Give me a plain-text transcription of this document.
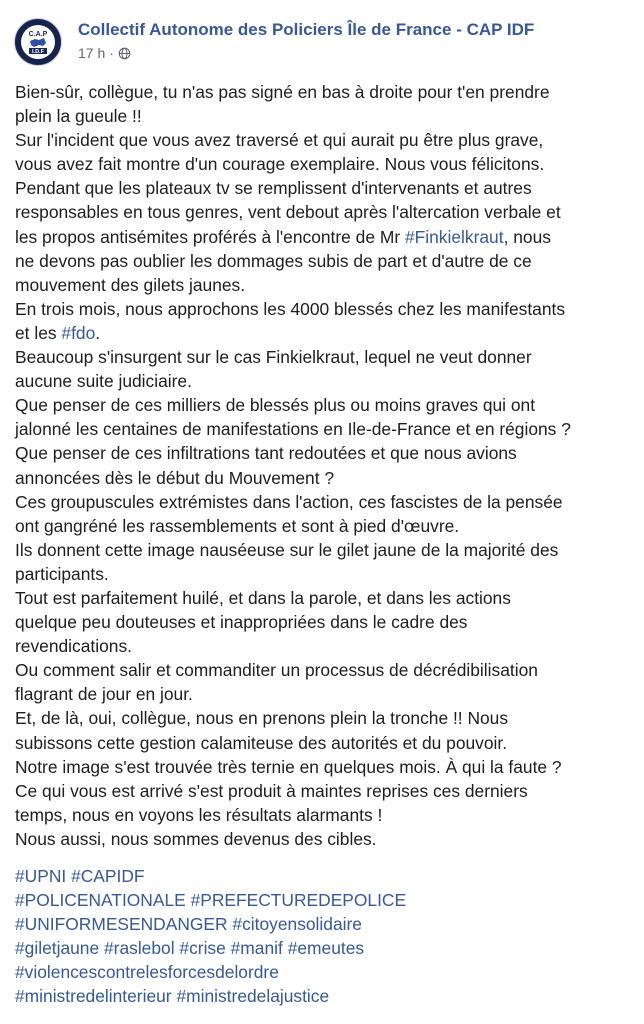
C.A.P
I.D.F
Collectif Autonome des Policiers Île de France - CAP IDF
17 h ·
Bien-sûr, collègue, tu n'as pas signé en bas à droite pour t'en prendre
plein la gueule !!
Sur l'incident que vous avez traversé et qui aurait pu être plus grave,
vous avez fait montre d'un courage exemplaire. Nous vous félicitons.
Pendant que les plateaux tv se remplissent d'intervenants et autres
responsables en tous genres, vent debout après l'altercation verbale et
les propos antisémites proférés à l'encontre de Mr #Finkielkraut, nous
ne devons pas oublier les dommages subis de part et d'autre de ce
mouvement des gilets jaunes.
En trois mois, nous approchons les 4000 blessés chez les manifestants
et les #fdo.
Beaucoup s'insurgent sur le cas Finkielkraut, lequel ne veut donner
aucune suite judiciaire.
Que penser de ces milliers de blessés plus ou moins graves qui ont
jalonné les centaines de manifestations en Ile-de-France et en régions ?
Que penser de ces infiltrations tant redoutées et que nous avions
annoncées dès le début du Mouvement ?
Ces groupuscules extrémistes dans l'action, ces fascistes de la pensée
ont gangréné les rassemblements et sont à pied d'œuvre.
Ils donnent cette image nauséeuse sur le gilet jaune de la majorité des
participants.
Tout est parfaitement huilé, et dans la parole, et dans les actions
quelque peu douteuses et inappropriées dans le cadre des
revendications.
Ou comment salir et commanditer un processus de décrédibilisation
flagrant de jour en jour.
Et, de là, oui, collègue, nous en prenons plein la tronche !! Nous
subissons cette gestion calamiteuse des autorités et du pouvoir.
Notre image s'est trouvée très ternie en quelques mois. À qui la faute ?
Ce qui vous est arrivé s'est produit à maintes reprises ces derniers
temps, nous en voyons les résultats alarmants !
Nous aussi, nous sommes devenus des cibles.
#UPNI #CAPIDF
#POLICENATIONALE #PREFECTUREDEPOLICE
#UNIFORMESENDANGER #citoyensolidaire
#giletjaune #raslebol #crise #manif #emeutes
#violencescontrelesforcesdelordre
#ministredelinterieur #ministredelajustice
